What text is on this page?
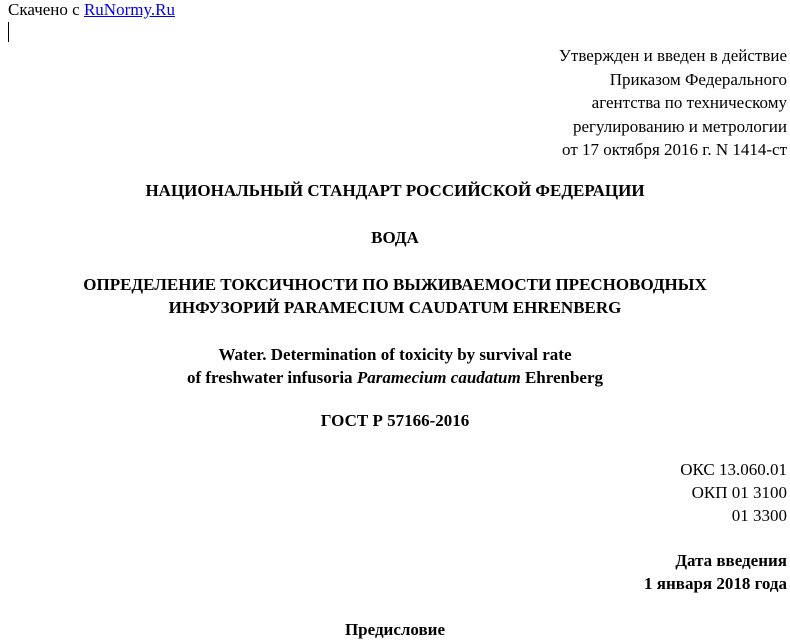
Скачено с RuNormy.Ru
Утвержден и введен в действие
Приказом Федерального
агентства по техническому
регулированию и метрологии
от 17 октября 2016 г. N 1414-ст
НАЦИОНАЛЬНЫЙ СТАНДАРТ РОССИЙСКОЙ ФЕДЕРАЦИИ
ВОДА
ОПРЕДЕЛЕНИЕ ТОКСИЧНОСТИ ПО ВЫЖИВАЕМОСТИ ПРЕСНОВОДНЫХ
ИНФУЗОРИЙ PARAMECIUM CAUDATUM EHRENBERG
Water. Determination of toxicity by survival rate
of freshwater infusoria Paramecium caudatum Ehrenberg
ГОСТ Р 57166-2016
ОКС 13.060.01
ОКП 01 3100
01 3300
Дата введения
1 января 2018 года
Предисловие
